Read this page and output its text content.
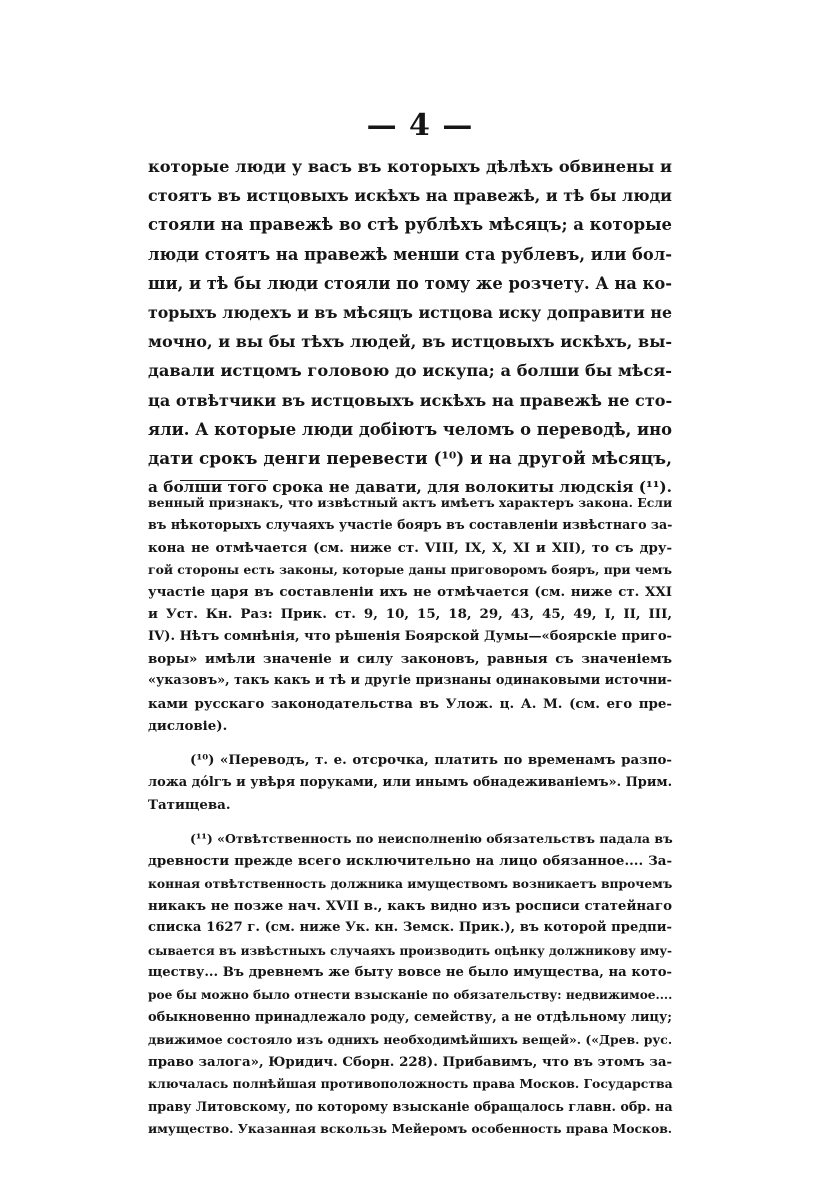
— 4 —
которые люди у васъ въ которыхъ дѣлѣхъ обвинены и
стоятъ въ истцовыхъ искѣхъ на правежѣ, и тѣ бы люди
стояли на правежѣ во стѣ рублѣхъ мѣсяцъ; а которые
люди стоятъ на правежѣ менши ста рублевъ, или бол-
ши, и тѣ бы люди стояли по тому же розчету. А на ко-
торыхъ людехъ и въ мѣсяцъ истцова иску доправити не
мочно, и вы бы тѣхъ людей, въ истцовыхъ искѣхъ, вы-
давали истцомъ головою до искупа; а болши бы мѣся-
ца отвѣтчики въ истцовыхъ искѣхъ на правежѣ не сто-
яли. А которые люди добіютъ челомъ о переводѣ, ино
дати срокъ денги перевести (¹⁰) и на другой мѣсяцъ,
а болши того срока не давати, для волокиты людскія (¹¹).
венный признакъ, что извѣстный актъ имѣетъ характеръ закона. Если
въ нѣкоторыхъ случаяхъ участіе бояръ въ составленіи извѣстнаго за-
кона не отмѣчается (см. ниже ст. VIII, IX, X, XI и XII), то съ дру-
гой стороны есть законы, которые даны приговоромъ бояръ, при чемъ
участіе царя въ составленіи ихъ не отмѣчается (см. ниже ст. XXI
и Уст. Кн. Раз: Прик. ст. 9, 10, 15, 18, 29, 43, 45, 49, I, II, III,
IV). Нѣтъ сомнѣнія, что рѣшенія Боярской Думы—«боярскіе приго-
воры» имѣли значеніе и силу законовъ, равныя съ значеніемъ
«указовъ», такъ какъ и тѣ и другіе признаны одинаковыми источни-
ками русскаго законодательства въ Улож. ц. А. М. (см. его пре-
дисловіе).
(¹⁰) «Переводъ, т. е. отсрочка, платить по временамъ разпо-
ложа дólгъ и увѣря поруками, или инымъ обнадеживаніемъ». Прим.
Татищева.
(¹¹) «Отвѣтственность по неисполненію обязательствъ падала въ
древности прежде всего исключительно на лицо обязанное.... За-
конная отвѣтственность должника имуществомъ возникаетъ впрочемъ
никакъ не позже нач. XVII в., какъ видно изъ росписи статейнаго
списка 1627 г. (см. ниже Ук. кн. Земск. Прик.), въ которой предпи-
сывается въ извѣстныхъ случаяхъ производить оцѣнку должникову иму-
ществу... Въ древнемъ же быту вовсе не было имущества, на кото-
рое бы можно было отнести взысканіе по обязательству: недвижимое....
обыкновенно принадлежало роду, семейству, а не отдѣльному лицу;
движимое состояло изъ однихъ необходимѣйшихъ вещей». («Древ. рус.
право залога», Юридич. Сборн. 228). Прибавимъ, что въ этомъ за-
ключалась полнѣйшая противоположность права Москов. Государства
праву Литовскому, по которому взысканіе обращалось главн. обр. на
имущество. Указанная вскользь Мейеромъ особенность права Москов.
